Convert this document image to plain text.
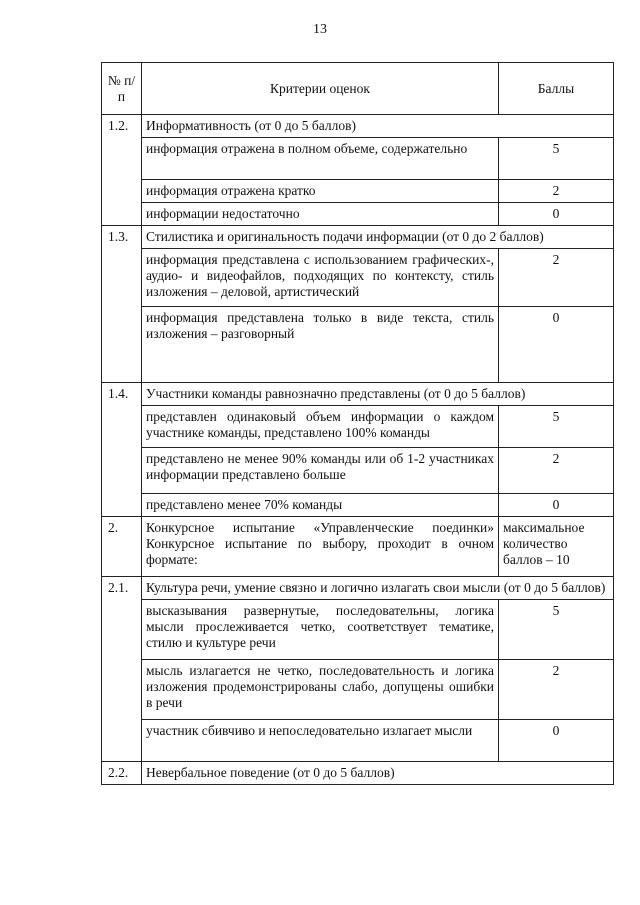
13
№ п/п	Критерии оценок	Баллы
1.2.	Информативность (от 0 до 5 баллов)	
	информация отражена в полном объеме, содержательно	5
	информация отражена кратко	2
	информации недостаточно	0
1.3.	Стилистика и оригинальность подачи информации (от 0 до 2 баллов)	
	информация представлена с использованием графических-, аудио- и видеофайлов, подходящих по контексту, стиль изложения – деловой, артистический	2
	информация представлена только в виде текста, стиль изложения – разговорный	0
1.4.	Участники команды равнозначно представлены (от 0 до 5 баллов)	
	представлен одинаковый объем информации о каждом участнике команды, представлено 100% команды	5
	представлено не менее 90% команды или об 1-2 участниках информации представлено больше	2
	представлено менее 70% команды	0
2.	Конкурсное испытание «Управленческие поединки» Конкурсное испытание по выбору, проходит в очном формате:	максимальное количество баллов – 10
2.1.	Культура речи, умение связно и логично излагать свои мысли (от 0 до 5 баллов)	
	высказывания развернутые, последовательны, логика мысли прослеживается четко, соответствует тематике, стилю и культуре речи	5
	мысль излагается не четко, последовательность и логика изложения продемонстрированы слабо, допущены ошибки в речи	2
	участник сбивчиво и непоследовательно излагает мысли	0
2.2.	Невербальное поведение (от 0 до 5 баллов)	
